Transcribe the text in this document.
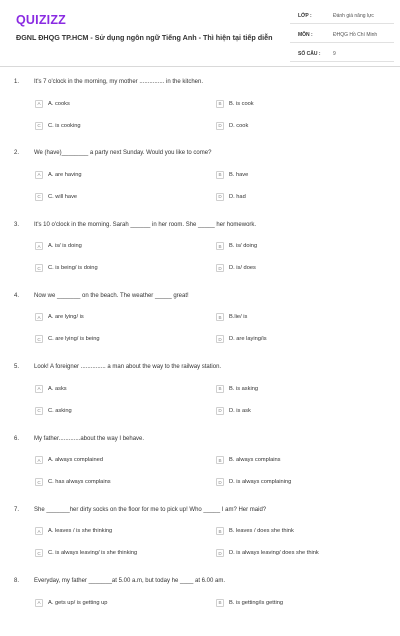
QUIZIZZ
ĐGNL ĐHQG TP.HCM - Sử dụng ngôn ngữ Tiếng Anh - Thì hiện tại tiếp diễn
LỚP :	Đánh giá năng lực
MÔN :	ĐHQG Hồ Chí Minh
SỐ CÂU :	9
1. It's 7 o'clock in the morning, my mother ............... in the kitchen.
A	A. cooks	B	B. is cook
C	C. is cooking	D	D. cook
2. We (have)________ a party next Sunday. Would you like to come?
A	A. are having	B	B. have
C	C. will have	D	D. had
3. It's 10 o'clock in the morning. Sarah ______ in her room. She _____ her homework.
A	A. is/ is doing	B	B. is/ doing
C	C. is being/ is doing	D	D. is/ does
4. Now we _______ on the beach. The weather _____ great!
A	A. are lying/ is	B	B.lie/ is
C	C. are lying/ is being	D	D. are laying/is
5. Look! A foreigner ............... a man about the way to the railway station.
A	A. asks	B	B. is asking
C	C. asking	D	D. is ask
6. My father.............about the way I behave.
A	A. always complained	B	B. always complains
C	C. has always complains	D	D. is always complaining
7. She _______her dirty socks on the floor for me to pick up! Who _____ I am? Her maid?
A	A. leaves / is she thinking	B	B. leaves / does she think
C	C. is always leaving/ is she thinking	D	D. is always leaving/ does she think
8. Everyday, my father _______at 5.00 a.m, but today he ____ at 6.00 am.
A	A. gets up/ is getting up	B	B. is getting/is getting
